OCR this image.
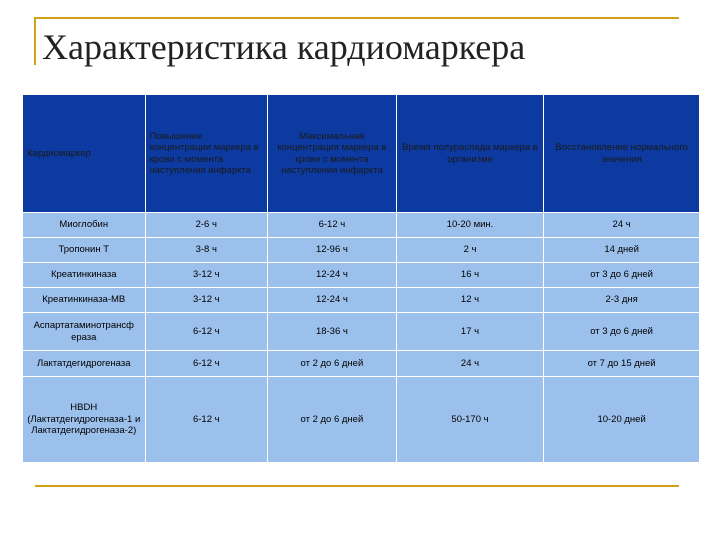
Характеристика кардиомаркера
Кардиомаркер	Повышение концентрации маркера в крови с момента наступления инфаркта	Максимальная концентрация маркера в крови с момента наступления инфаркта	Время полураспада маркера в организме	Восстановление нормального значения
Миоглобин	2-6 ч	6-12 ч	10-20 мин.	24 ч
Тропонин Т	3-8 ч	12-96 ч	2 ч	14 дней
Креатинкиназа	3-12 ч	12-24 ч	16 ч	от 3 до 6 дней
Креатинкиназа-MB	3-12 ч	12-24 ч	12 ч	2-3 дня
Аспартатаминотрансф ераза	6-12 ч	18-36 ч	17 ч	от 3 до 6 дней
Лактатдегидрогеназа	6-12 ч	от 2 до 6 дней	24 ч	от 7 до 15 дней
HBDH (Лактатдегидрогеназа-1 и Лактатдегидрогеназа-2)	6-12 ч	от 2 до 6 дней	50-170 ч	10-20 дней
